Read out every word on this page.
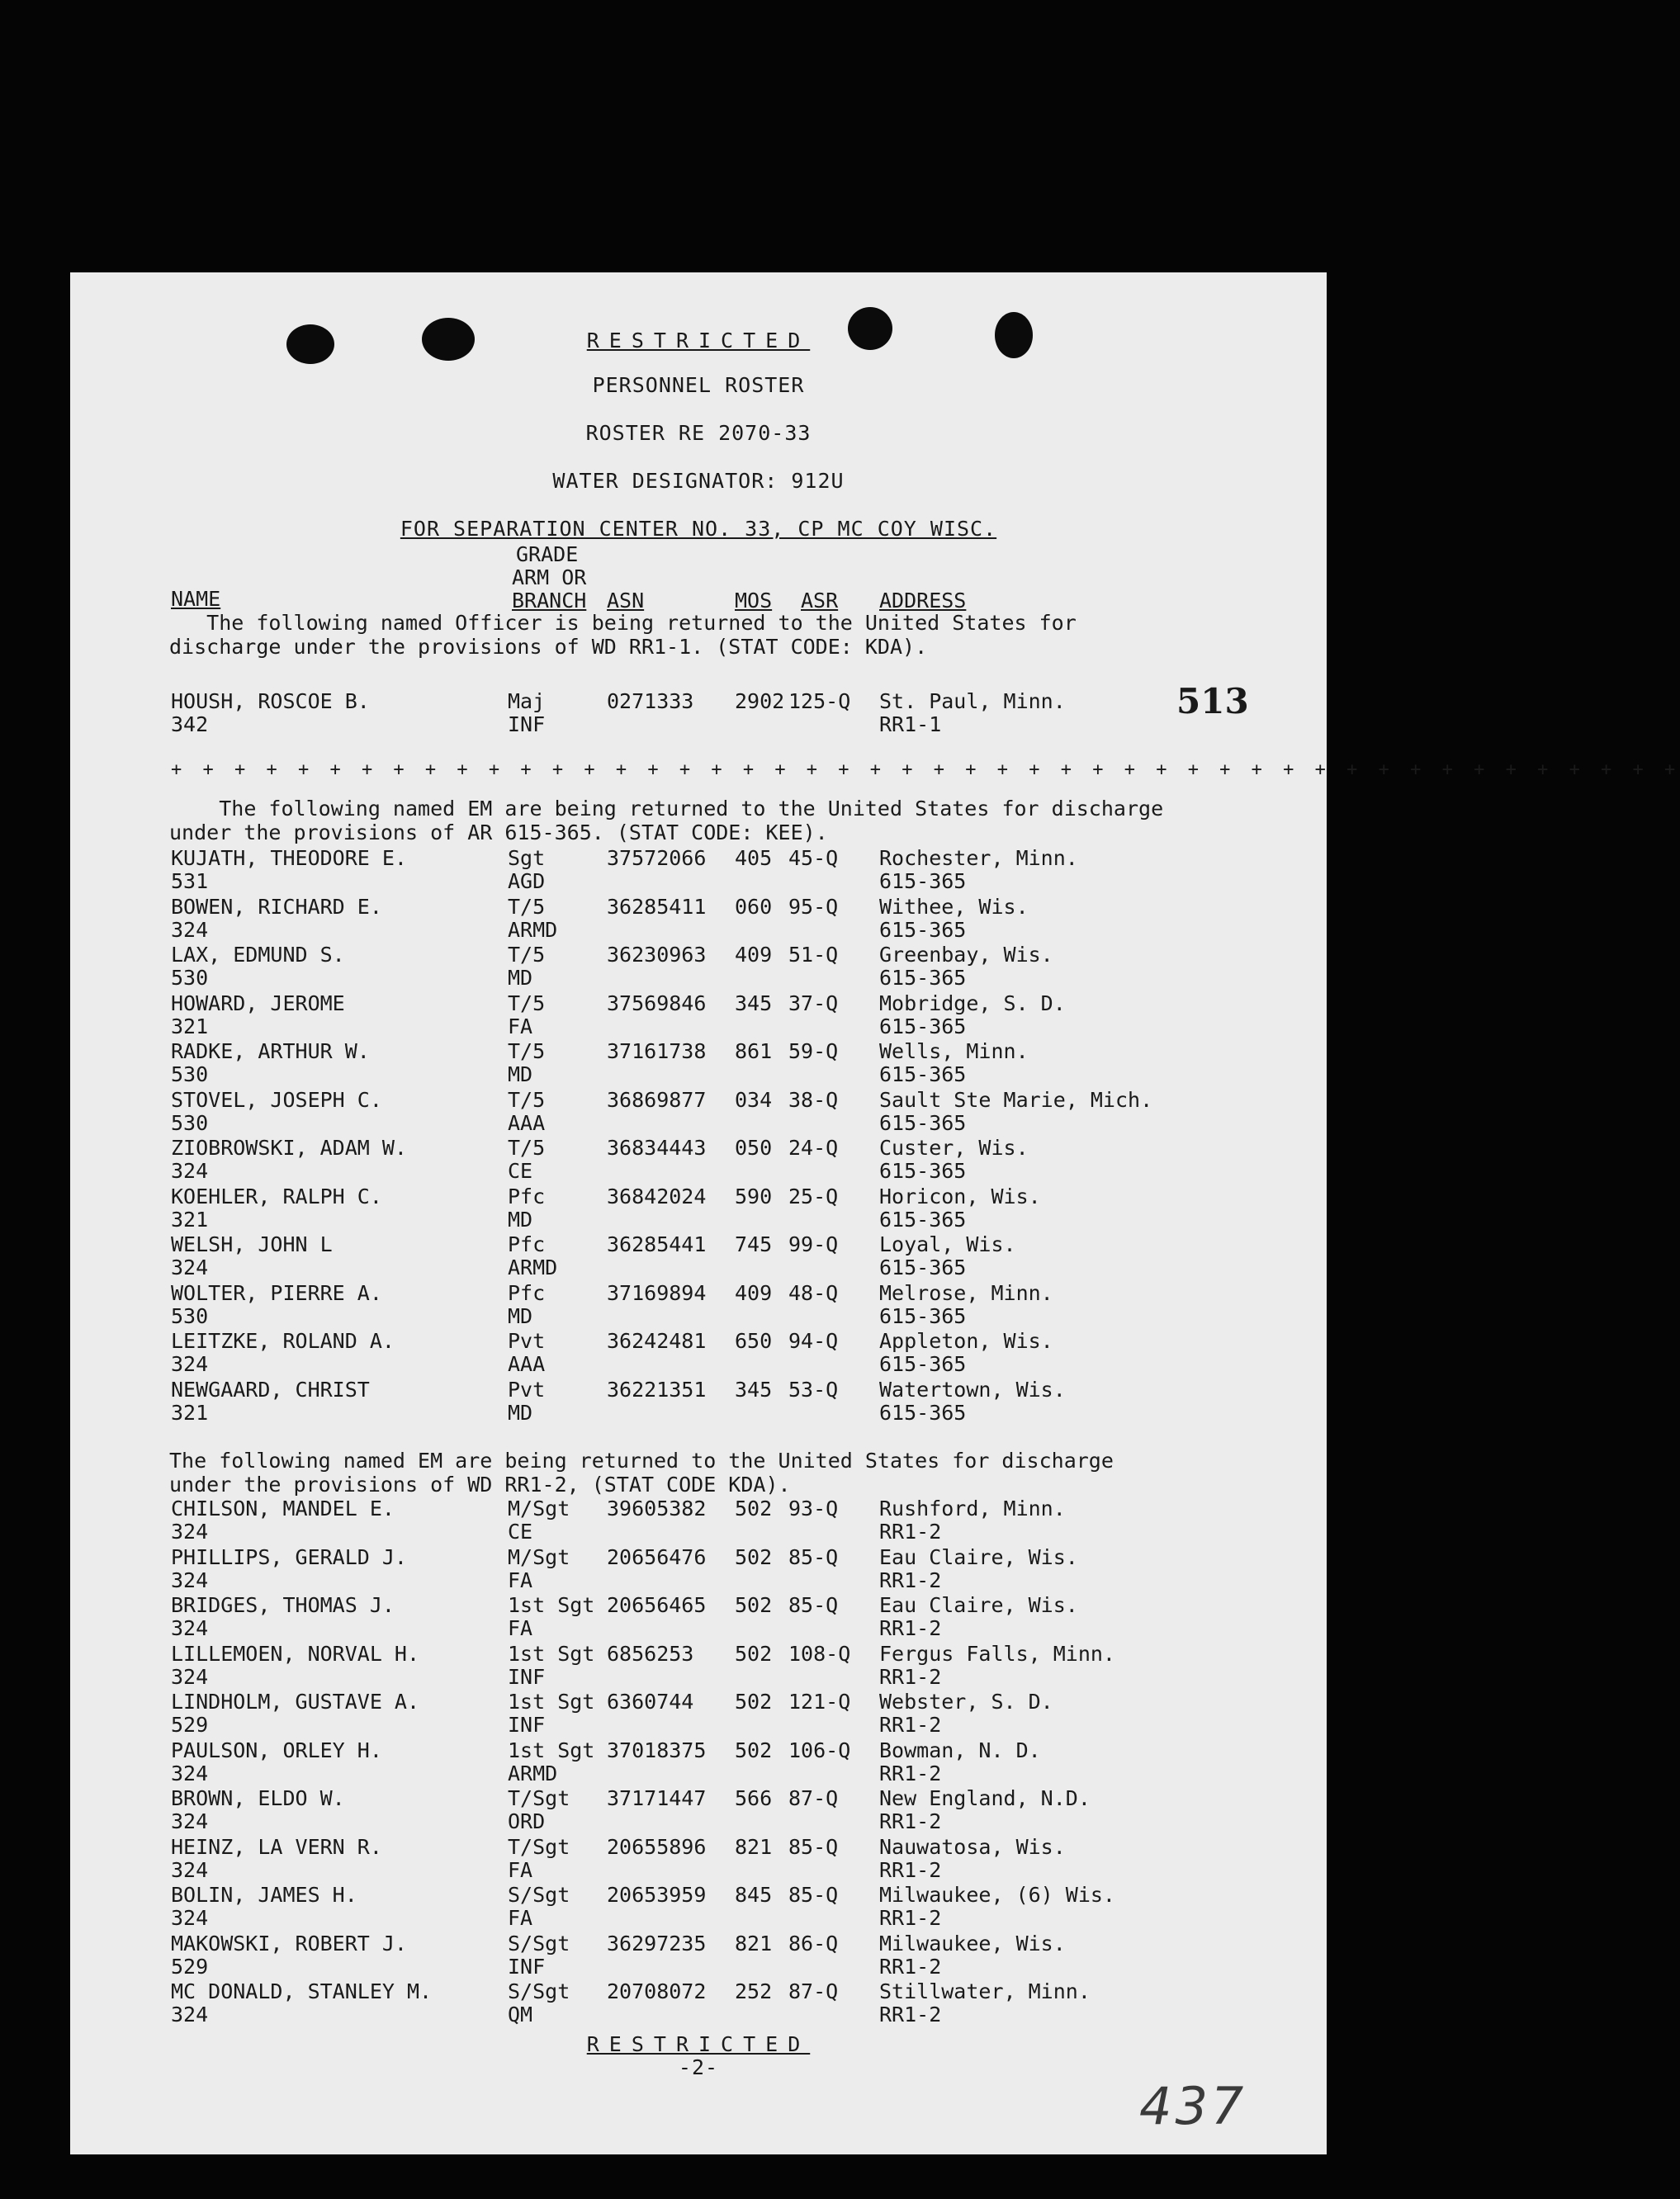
RESTRICTED
PERSONNEL ROSTER
ROSTER RE 2070-33
WATER DESIGNATOR: 912U
FOR SEPARATION CENTER NO. 33, CP MC COY WISC.
NAME
GRADE
ARM OR
BRANCH ASN	MOS ASR ADDRESS
The following named Officer is being returned to the United States for
discharge under the provisions of WD RR1-1. (STAT CODE: KDA).
HOUSH, ROSCOE B.
342
Maj
INF
0271333 2902 125-Q St. Paul, Minn.
RR1-1
513
+ + + + + + + + + + + + + + + + + + + + + + + + + + + + + + + + + + + + + + + + + + + + + + + +
The following named EM are being returned to the United States for discharge
under the provisions of AR 615-365. (STAT CODE: KEE).
KUJATH, THEODORE E.
531
Sgt
AGD
37572066 405 45-Q Rochester, Minn.
615-365
BOWEN, RICHARD E.
324
T/5
ARMD
36285411 060 95-Q Withee, Wis.
615-365
LAX, EDMUND S.
530
T/5
MD
36230963 409 51-Q Greenbay, Wis.
615-365
HOWARD, JEROME
321
T/5
FA
37569846 345 37-Q Mobridge, S. D.
615-365
RADKE, ARTHUR W.
530
T/5
MD
37161738 861 59-Q Wells, Minn.
615-365
STOVEL, JOSEPH C.
530
T/5
AAA
36869877 034 38-Q Sault Ste Marie, Mich.
615-365
ZIOBROWSKI, ADAM W.
324
T/5
CE
36834443 050 24-Q Custer, Wis.
615-365
KOEHLER, RALPH C.
321
Pfc
MD
36842024 590 25-Q Horicon, Wis.
615-365
WELSH, JOHN L
324
Pfc
ARMD
36285441 745 99-Q Loyal, Wis.
615-365
WOLTER, PIERRE A.
530
Pfc
MD
37169894 409 48-Q Melrose, Minn.
615-365
LEITZKE, ROLAND A.
324
Pvt
AAA
36242481 650 94-Q Appleton, Wis.
615-365
NEWGAARD, CHRIST
321
Pvt
MD
36221351 345 53-Q Watertown, Wis.
615-365
The following named EM are being returned to the United States for discharge
under the provisions of WD RR1-2, (STAT CODE KDA).
CHILSON, MANDEL E.
324
M/Sgt
CE
39605382 502 93-Q Rushford, Minn.
RR1-2
PHILLIPS, GERALD J.
324
M/Sgt
FA
20656476 502 85-Q Eau Claire, Wis.
RR1-2
BRIDGES, THOMAS J.
324
1st Sgt
FA
20656465 502 85-Q Eau Claire, Wis.
RR1-2
LILLEMOEN, NORVAL H.
324
1st Sgt
INF
6856253 502 108-Q Fergus Falls, Minn.
RR1-2
LINDHOLM, GUSTAVE A.
529
1st Sgt
INF
6360744 502 121-Q Webster, S. D.
RR1-2
PAULSON, ORLEY H.
324
1st Sgt
ARMD
37018375 502 106-Q Bowman, N. D.
RR1-2
BROWN, ELDO W.
324
T/Sgt
ORD
37171447 566 87-Q New England, N.D.
RR1-2
HEINZ, LA VERN R.
324
T/Sgt
FA
20655896 821 85-Q Nauwatosa, Wis.
RR1-2
BOLIN, JAMES H.
324
S/Sgt
FA
20653959 845 85-Q Milwaukee, (6) Wis.
RR1-2
MAKOWSKI, ROBERT J.
529
S/Sgt
INF
36297235 821 86-Q Milwaukee, Wis.
RR1-2
MC DONALD, STANLEY M.
324
S/Sgt
QM
20708072 252 87-Q Stillwater, Minn.
RR1-2
RESTRICTED
-2-
437
